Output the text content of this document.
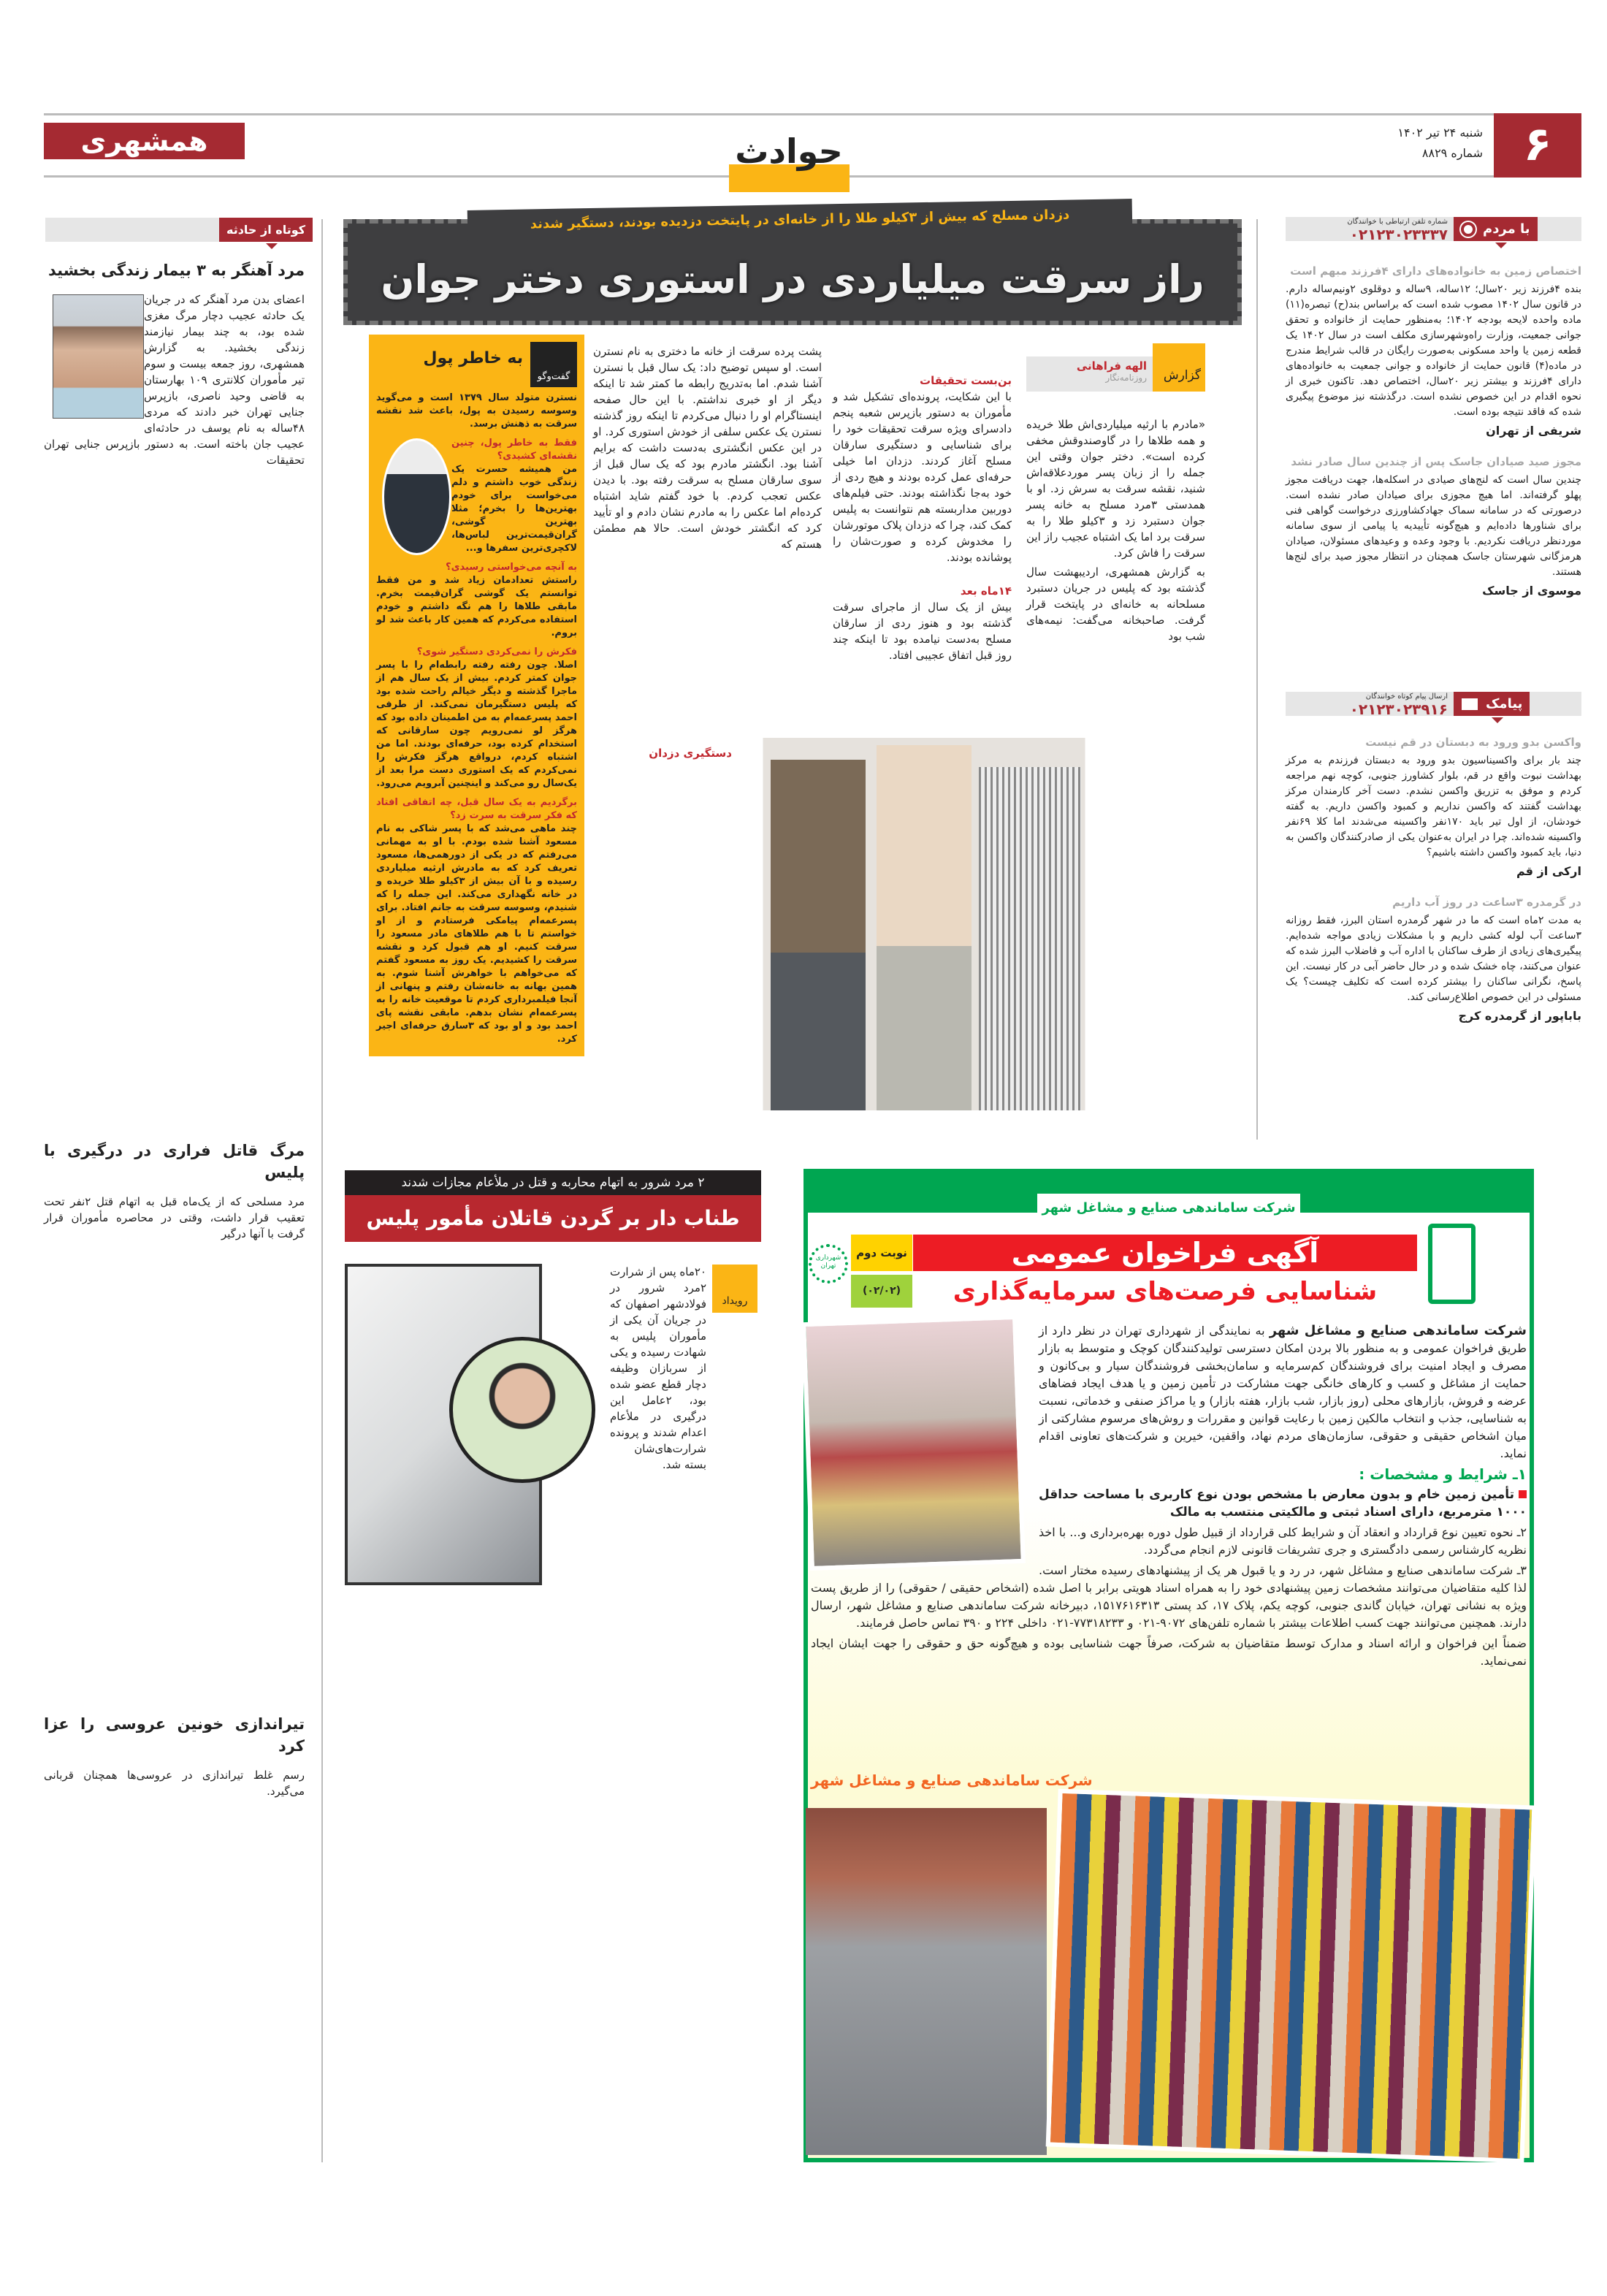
۶
شنبه ۲۴ تیر ۱۴۰۲
شماره ۸۸۲۹
همشهری	حوادث
با مردم
شماره تلفن ارتباطی با خوانندگان
۰۲۱۲۳۰۲۳۳۳۷
اختصاص زمین به خانواده‌های دارای ۴فرزند مبهم است

بنده ۴فرزند زیر ۲۰سال؛ ۱۲ساله، ۹ساله و دوقلوی ۲ونیم‌ساله دارم. در قانون سال ۱۴۰۲ مصوب شده است که براساس بند(ح) تبصره(۱۱) ماده واحده لایحه بودجه ۱۴۰۲؛ به‌منظور حمایت از خانواده و تحقق جوانی جمعیت، وزارت راه‌وشهرسازی مکلف است در سال ۱۴۰۲ یک قطعه زمین یا واحد مسکونی به‌صورت رایگان در قالب شرایط مندرج در ماده(۴) قانون حمایت از خانواده و جوانی جمعیت به خانواده‌های دارای ۴فرزند و بیشتر زیر ۲۰سال، اختصاص دهد. تاکنون خبری از نحوه اقدام در این خصوص نشده است. درگذشته نیز موضوع پیگیری شده که فاقد نتیجه بوده است.

شریفی از تهران
مجوز صید صیادان جاسک پس از چندین سال صادر نشد

چندین سال است که لنج‌های صیادی در اسکله‌ها، جهت دریافت مجوز پهلو گرفته‌اند. اما هیچ مجوزی برای صیادان صادر نشده است. درصورتی که در سامانه سماک جهادکشاورزی درخواست گواهی فنی برای شناورها داده‌ایم و هیچ‌گونه تأییدیه یا پیامی از سوی سامانه موردنظر دریافت نکردیم. با وجود وعده و وعیدهای مسئولان، صیادان هرمزگانی شهرستان جاسک همچنان در انتظار مجوز صید برای لنج‌ها هستند.

موسوی از جاسک
پیامک
ارسال پیام کوتاه خوانندگان
۰۲۱۲۳۰۲۳۹۱۶
واکسن بدو ورود به دبستان در قم نیست

چند بار برای واکسیناسیون بدو ورود به دبستان فرزندم به مرکز بهداشت نبوت واقع در قم، بلوار کشاورز جنوبی، کوچه نهم مراجعه کردم و موفق به تزریق واکسن نشدم. دست آخر کارمندان مرکز بهداشت گفتند که واکسن نداریم و کمبود واکسن داریم. به گفته خودشان، از اول تیر باید ۱۷۰نفر واکسینه می‌شدند اما کلا ۶۹نفر واکسینه شده‌اند. چرا در ایران به‌عنوان یکی از صادرکنندگان واکسن به دنیا، باید کمبود واکسن داشته باشیم؟

ارکی از قم
در گرمدره ۳ساعت در روز آب داریم

به مدت ۲ماه است که ما در شهر گرمدره استان البرز، فقط روزانه ۳ساعت آب لوله کشی داریم و با مشکلات زیادی مواجه شده‌ایم. پیگیری‌های زیادی از طرف ساکنان با اداره آب و فاضلاب البرز شده که عنوان می‌کنند، چاه خشک شده و در حال حاضر آبی در کار نیست. این پاسخ، نگرانی ساکنان را بیشتر کرده است که تکلیف چیست؟ یک مسئولی در این خصوص اطلاع‌رسانی کند.

باباپور از گرمدره کرج
کوتاه از حادثه
مرد آهنگر به ۳ بیمار زندگی بخشید

اعضای بدن مرد آهنگر که در جریان یک حادثه عجیب دچار مرگ مغزی شده بود، به چند بیمار نیازمند زندگی بخشید. به گزارش همشهری، روز جمعه بیست و سوم تیر مأموران کلانتری ۱۰۹ بهارستان به قاضی وحید ناصری، بازپرس جنایی تهران خبر دادند که مردی ۴۸ساله به نام یوسف در حادثه‌ای عجیب جان باخته است. به دستور بازپرس جنایی تهران تحقیقات

مرگ قاتل فراری در درگیری با پلیس

مرد مسلحی که از یک‌ماه قبل به اتهام قتل ۲نفر تحت تعقیب قرار داشت، وقتی در محاصره مأموران قرار گرفت با آنها درگیر

تیراندازی خونین عروسی را عزا کرد

رسم غلط تیراندازی در عروسی‌ها همچنان قربانی می‌گیرد.

دزدان مسلح که بیش از ۳کیلو طلا را از خانه‌ای در پایتخت دزدیده بودند، دستگیر شدند
راز سرقت میلیاردی در استوری دختر جوان
گزارش
الهه فراهانی
روزنامه‌نگار

«مادرم با ارثیه میلیاردی‌اش طلا خریده و همه طلاها را در گاوصندوقش مخفی کرده است». دختر جوان وقتی این جمله را از زبان پسر مورد‌علاقه‌اش شنید، نقشه سرقت به سرش زد. او با همدستی ۳مرد مسلح به خانه پسر جوان دستبرد زد و ۳کیلو طلا را به سرقت برد اما یک اشتباه عجیب راز این سرقت را فاش کرد.

به گزارش همشهری، اردیبهشت سال گذشته بود که پلیس در جریان دستبرد مسلحانه به خانه‌ای در پایتخت قرار گرفت. صاحبخانه می‌گفت: نیمه‌های شب بود

بن‌بست تحقیقات

با این شکایت، پرونده‌ای تشکیل شد و مأموران به دستور بازپرس شعبه پنجم دادسرای ویژه سرقت تحقیقات خود را برای شناسایی و دستگیری سارقان مسلح آغاز کردند. دزدان اما خیلی حرفه‌ای عمل کرده بودند و هیچ ردی از خود به‌جا نگذاشته بودند. حتی فیلم‌های دوربین مداربسته هم نتوانست به پلیس کمک کند، چرا که دزدان پلاک موتورشان را مخدوش کرده و صورت‌شان را پوشانده بودند.

۱۴ماه بعد

بیش از یک سال از ماجرای سرقت گذشته بود و هنوز ردی از سارقان مسلح به‌دست نیامده بود تا اینکه چند روز قبل اتفاق عجیبی افتاد.

پشت پرده سرقت از خانه ما دختری به نام نسترن است. او سپس توضیح داد: یک سال قبل با نسترن آشنا شدم. اما به‌تدریج رابطه ما کمتر شد تا اینکه دیگر از او خبری نداشتم. با این حال صفحه اینستاگرام او را دنبال می‌کردم تا اینکه روز گذشته نسترن یک عکس سلفی از خودش استوری کرد. او در این عکس انگشتری به‌دست داشت که برایم آشنا بود. انگشتر مادرم بود که یک سال قبل از سوی سارقان مسلح به سرقت رفته بود. با دیدن عکس تعجب کردم. با خود گفتم شاید اشتباه کرده‌ام اما عکس را به مادرم نشان دادم و او تأیید کرد که انگشتر خودش است. حالا هم مطمئن هستم که

دستگیری دزدان
گفت‌وگو
به خاطر پول

نسترن متولد سال ۱۳۷۹ است و می‌گوید وسوسه رسیدن به پول، باعث شد نقشه سرقت به ذهنش برسد.

فقط به خاطر پول، چنین نقشه‌ای کشیدی؟

من همیشه حسرت یک زندگی خوب داشتم و دلم می‌خواست برای خودم بهترین‌ها را بخرم؛ مثلا بهترین گوشی، گران‌قیمت‌ترین لباس‌ها، لاکچری‌ترین سفرها و...

به آنچه می‌خواستی رسیدی؟

راستش تعدادمان زیاد شد و من فقط توانستم یک گوشی گران‌قیمت بخرم. مابقی طلاها را هم نگه داشتم و خودم استفاده می‌کردم که همین کار باعث شد لو بروم.

فکرش را نمی‌کردی دستگیر شوی؟

اصلا. چون رفته رفته رابطه‌ام را با پسر جوان کمتر کردم. بیش از یک سال هم از ماجرا گذشته و دیگر خیالم راحت شده بود که پلیس دستگیرمان نمی‌کند. از طرفی احمد پسرعمه‌ام به من اطمینان داده بود که هرگز لو نمی‌رویم چون سارقانی که استخدام کرده بود، حرفه‌ای بودند. اما من اشتباه کردم، درواقع هرگز فکرش را نمی‌کردم که یک استوری دست مرا بعد از یک‌سال رو می‌کند و اینچنین آبرویم می‌رود.

برگردیم به یک سال قبل، چه اتفاقی افتاد که فکر سرقت به سرت زد؟

چند ماهی می‌شد که با پسر شاکی به نام مسعود آشنا شده بودم. با او به مهمانی می‌رفتم که در یکی از دورهمی‌ها، مسعود تعریف کرد که به مادرش ارثیه میلیاردی رسیده و با آن بیش از ۳کیلو طلا خریده و در خانه نگهداری می‌کند. این جمله را که شنیدم، وسوسه سرقت به جانم افتاد. برای پسرعمه‌ام پیامکی فرستادم و از او خواستم تا با هم طلاهای مادر مسعود را سرقت کنیم. او هم قبول کرد و نقشه سرقت را کشیدیم. یک روز به مسعود گفتم که می‌خواهم با خواهرش آشنا شوم. به همین بهانه به خانه‌شان رفتم و پنهانی از آنجا فیلمبرداری کردم تا موقعیت خانه را به پسرعمه‌ام نشان بدهم. مابقی نقشه پای احمد بود و او بود که ۳سارق حرفه‌ای اجیر کرد.

۲ مرد شرور به اتهام محاربه و قتل در ملأعام مجازات شدند
طناب دار بر گردن قاتلان مأمور پلیس
رویداد
۲۰ماه پس از شرارت ۲مرد شرور در فولادشهر اصفهان که در جریان آن یکی از مأموران پلیس به شهادت رسیده و یکی از سربازان وظیفه دچار قطع عضو شده بود، ۲عامل این درگیری در ملأعام اعدام شدند و پرونده شرارت‌های‌شان بسته شد.
شرکت ساماندهی صنایع و مشاغل شهر
آگهی فراخوان عمومی
شناسایی فرصت‌های سرمایه‌گذاری
نوبت دوم
(۰۲/۰۲)
شهرداری تهران

شرکت ساماندهی صنایع و مشاغل شهر به نمایندگی از شهرداری تهران در نظر دارد از طریق فراخوان عمومی و به منظور بالا بردن امکان دسترسی تولیدکنندگان کوچک و متوسط به بازار مصرف و ایجاد امنیت برای فروشندگان کم‌سرمایه و سامان‌بخشی فروشندگان سیار و بی‌کانون و حمایت از مشاغل و کسب و کارهای خانگی جهت مشارکت در تأمین زمین و یا هدف ایجاد فضاهای عرضه و فروش، بازارهای محلی (روز بازار، شب بازار، هفته بازار) و یا مراکز صنفی و خدماتی، نسبت به شناسایی، جذب و انتخاب مالکین زمین با رعایت قوانین و مقررات و روش‌های مرسوم مشارکتی از میان اشخاص حقیقی و حقوقی، سازمان‌های مردم نهاد، واقفین، خیرین و شرکت‌های تعاونی اقدام نماید.

۱ـ شرایط و مشخصات :

تأمین زمین خام و بدون معارض با مشخص بودن نوع کاربری با مساحت حداقل ۱۰۰۰ مترمربع، دارای اسناد ثبتی و مالکیتی منتسب به مالک

۲ـ نحوه تعیین نوع قرارداد و انعقاد آن و شرایط کلی قرارداد از قبیل طول دوره بهره‌برداری و... با اخذ نظریه کارشناس رسمی دادگستری و جری تشریفات قانونی لازم انجام می‌گردد.

۳ـ شرکت ساماندهی صنایع و مشاغل شهر، در رد و یا قبول هر یک از پیشنهادهای رسیده مختار است. لذا کلیه متقاضیان می‌توانند مشخصات زمین پیشنهادی خود را به همراه اسناد هویتی برابر با اصل شده (اشخاص حقیقی / حقوقی) را از طریق پست ویژه به نشانی تهران، خیابان گاندی جنوبی، کوچه یکم، پلاک ۱۷، کد پستی ۱۵۱۷۶۱۶۳۱۳، دبیرخانه شرکت ساماندهی صنایع و مشاغل شهر، ارسال دارند. همچنین می‌توانند جهت کسب اطلاعات بیشتر با شماره تلفن‌های ۹۰۷۲-۰۲۱ و ۷۷۳۱۸۲۳۳-۰۲۱ داخلی ۲۲۴ و ۳۹۰ تماس حاصل فرمایند.

ضمناً این فراخوان و ارائه اسناد و مدارک توسط متقاضیان به شرکت، صرفاً جهت شناسایی بوده و هیچ‌گونه حق و حقوقی را جهت ایشان ایجاد نمی‌نماید.

شرکت ساماندهی صنایع و مشاغل شهر
